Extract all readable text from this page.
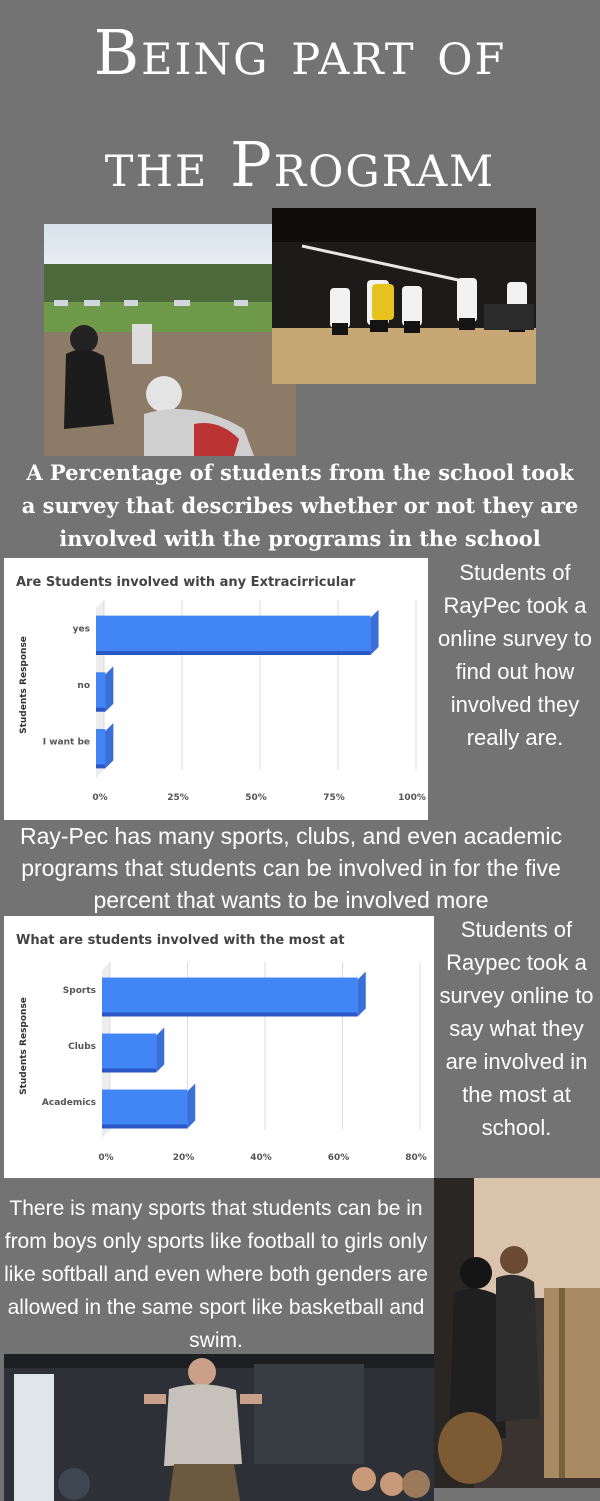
Being part of
the Program
A Percentage of students from the school took a survey that describes whether or not they are involved with the programs in the school
Are Students involved with any Extracirricular
0%	25%	50%	75%	100%
Students Response
yes
no
I want be
Students of RayPec took a online survey to find out how involved they really are.
Ray-Pec has many sports, clubs, and even academic programs that students can be involved in for the five percent that wants to be involved more
What are students involved with the most at
0%	20%	40%	60%	80%
Students Response
Sports
Clubs
Academics
Students of Raypec took a survey online to say what they are involved in the most at school.
There is many sports that students can be in from boys only sports like football to girls only like softball and even where both genders are allowed in the same sport like basketball and swim.
